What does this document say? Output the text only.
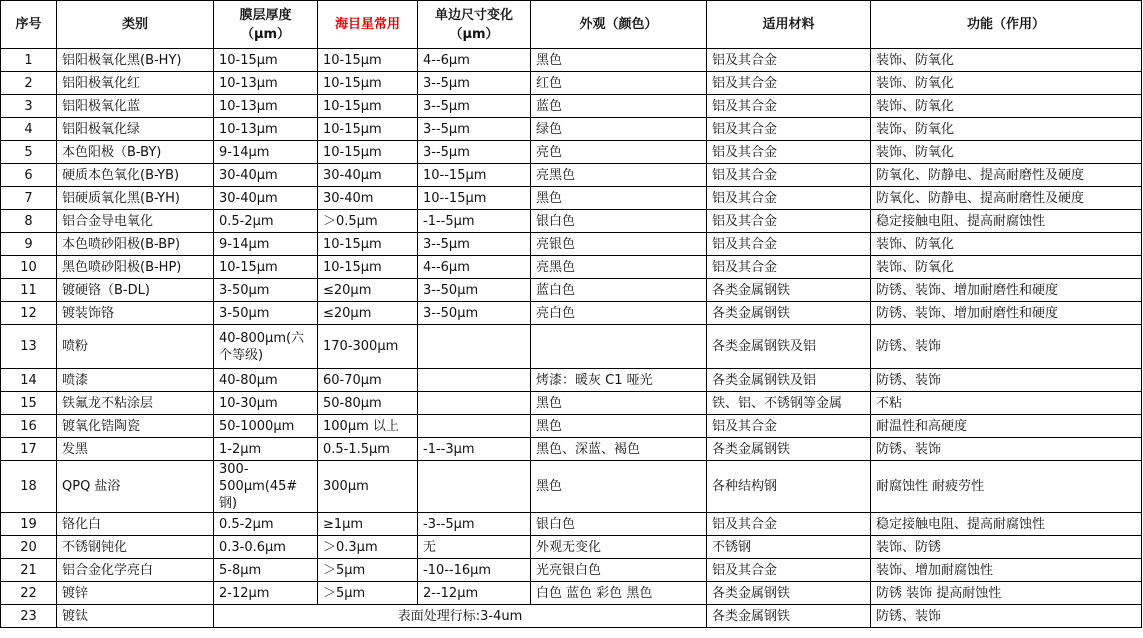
序号	类别	膜层厚度（μm）	海目星常用	单边尺寸变化（μm）	外观（颜色）	适用材料	功能（作用）
1	铝阳极氧化黑(B-HY)	10-15μm	10-15μm	4--6μm	黑色	铝及其合金	装饰、防氧化
2	铝阳极氧化红	10-13μm	10-15μm	3--5μm	红色	铝及其合金	装饰、防氧化
3	铝阳极氧化蓝	10-13μm	10-15μm	3--5μm	蓝色	铝及其合金	装饰、防氧化
4	铝阳极氧化绿	10-13μm	10-15μm	3--5μm	绿色	铝及其合金	装饰、防氧化
5	本色阳极（B-BY)	9-14μm	10-15μm	3--5μm	亮色	铝及其合金	装饰、防氧化
6	硬质本色氧化(B-YB)	30-40μm	30-40μm	10--15μm	亮黑色	铝及其合金	防氧化、防静电、提高耐磨性及硬度
7	铝硬质氧化黑(B-YH)	30-40μm	30-40m	10--15μm	黑色	铝及其合金	防氧化、防静电、提高耐磨性及硬度
8	铝合金导电氧化	0.5-2μm	＞0.5μm	-1--5μm	银白色	铝及其合金	稳定接触电阻、提高耐腐蚀性
9	本色喷砂阳极(B-BP)	9-14μm	10-15μm	3--5μm	亮银色	铝及其合金	装饰、防氧化
10	黑色喷砂阳极(B-HP)	10-15μm	10-15μm	4--6μm	亮黑色	铝及其合金	装饰、防氧化
11	镀硬铬（B-DL)	3-50μm	≤20μm	3--50μm	蓝白色	各类金属钢铁	防锈、装饰、增加耐磨性和硬度
12	镀装饰铬	3-50μm	≤20μm	3--50μm	亮白色	各类金属钢铁	防锈、装饰、增加耐磨性和硬度
13	喷粉	40-800μm(六个等级)	170-300μm			各类金属钢铁及铝	防锈、装饰
14	喷漆	40-80μm	60-70μm		烤漆：暖灰 C1 哑光	各类金属钢铁及铝	防锈、装饰
15	铁氟龙不粘涂层	10-30μm	50-80μm		黑色	铁、铝、不锈钢等金属	不粘
16	镀氧化锆陶瓷	50-1000μm	100μm 以上		黑色	铝及其合金	耐温性和高硬度
17	发黑	1-2μm	0.5-1.5μm	-1--3μm	黑色、深蓝、褐色	各类金属钢铁	防锈、装饰
18	QPQ 盐浴	300-500μm(45#钢)	300μm		黑色	各种结构钢	耐腐蚀性 耐疲劳性
19	铬化白	0.5-2μm	≥1μm	-3--5μm	银白色	铝及其合金	稳定接触电阻、提高耐腐蚀性
20	不锈钢钝化	0.3-0.6μm	＞0.3μm	无	外观无变化	不锈钢	装饰、防锈
21	铝合金化学亮白	5-8μm	＞5μm	-10--16μm	光亮银白色	铝及其合金	装饰、增加耐腐蚀性
22	镀锌	2-12μm	＞5μm	2--12μm	白色 蓝色 彩色 黑色	各类金属钢铁	防锈 装饰 提高耐蚀性
23	镀钛	表面处理行标:3-4um				各类金属钢铁	防锈、装饰
